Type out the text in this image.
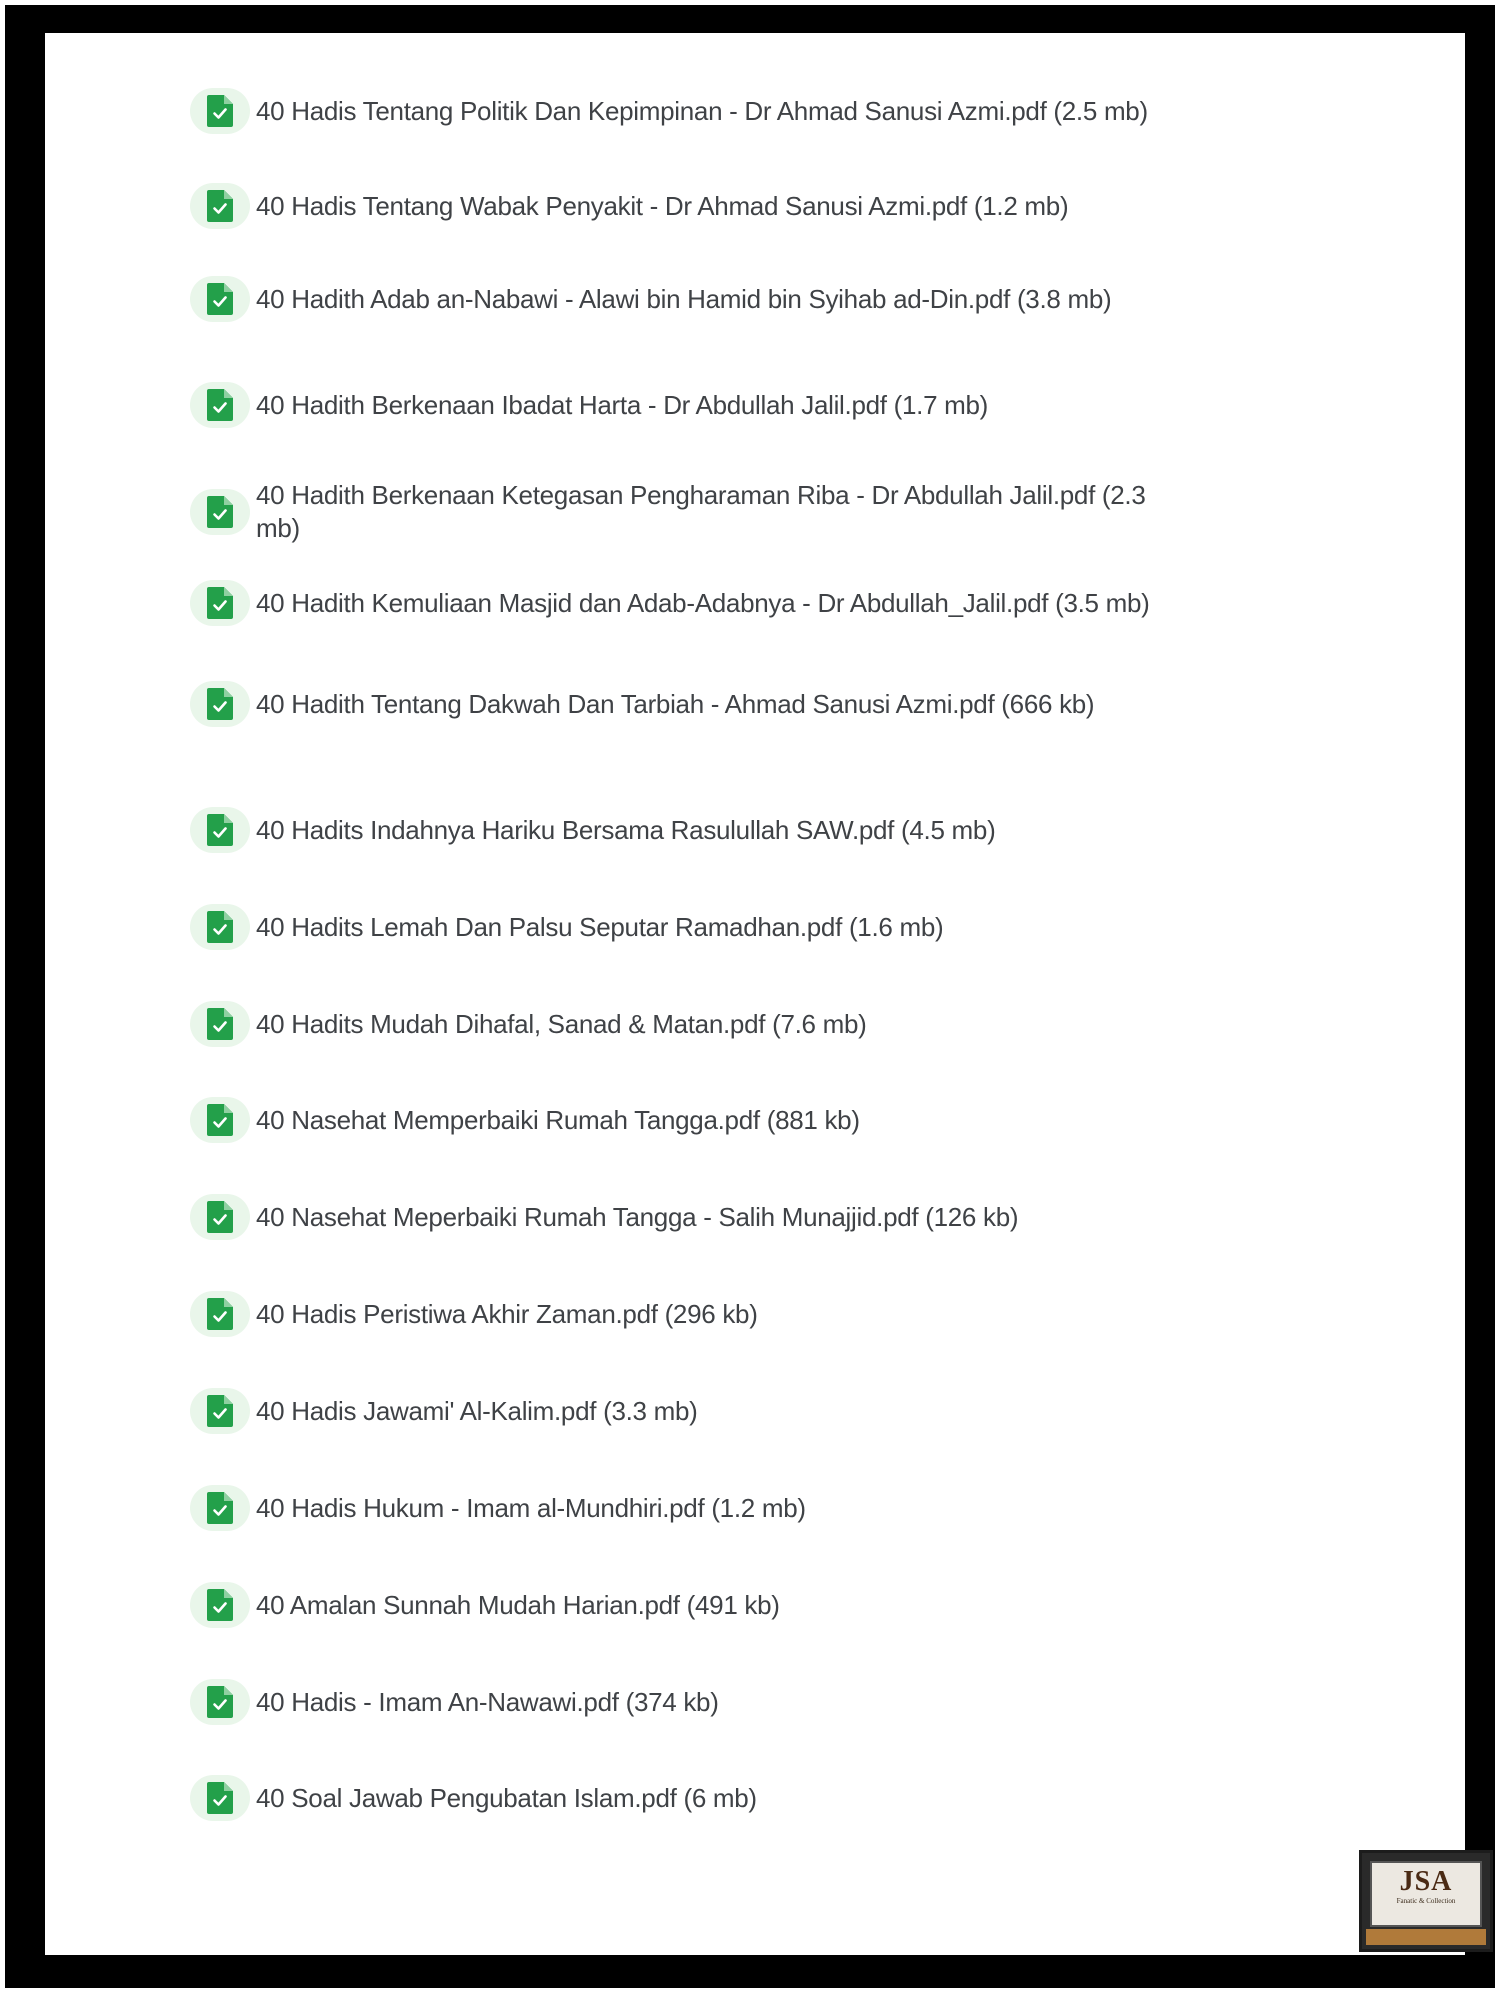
40 Hadis Tentang Politik Dan Kepimpinan - Dr Ahmad Sanusi Azmi.pdf (2.5 mb)
40 Hadis Tentang Wabak Penyakit - Dr Ahmad Sanusi Azmi.pdf (1.2 mb)
40 Hadith Adab an-Nabawi - Alawi bin Hamid bin Syihab ad-Din.pdf (3.8 mb)
40 Hadith Berkenaan Ibadat Harta - Dr Abdullah Jalil.pdf (1.7 mb)
40 Hadith Berkenaan Ketegasan Pengharaman Riba - Dr Abdullah Jalil.pdf (2.3 mb)
40 Hadith Kemuliaan Masjid dan Adab-Adabnya - Dr Abdullah_Jalil.pdf (3.5 mb)
40 Hadith Tentang Dakwah Dan Tarbiah - Ahmad Sanusi Azmi.pdf (666 kb)
40 Hadits Indahnya Hariku Bersama Rasulullah SAW.pdf (4.5 mb)
40 Hadits Lemah Dan Palsu Seputar Ramadhan.pdf (1.6 mb)
40 Hadits Mudah Dihafal, Sanad & Matan.pdf (7.6 mb)
40 Nasehat Memperbaiki Rumah Tangga.pdf (881 kb)
40 Nasehat Meperbaiki Rumah Tangga - Salih Munajjid.pdf (126 kb)
40 Hadis Peristiwa Akhir Zaman.pdf (296 kb)
40 Hadis Jawami' Al-Kalim.pdf (3.3 mb)
40 Hadis Hukum - Imam al-Mundhiri.pdf (1.2 mb)
40 Amalan Sunnah Mudah Harian.pdf (491 kb)
40 Hadis - Imam An-Nawawi.pdf (374 kb)
40 Soal Jawab Pengubatan Islam.pdf (6 mb)
JSA
Fanatic & Collection
